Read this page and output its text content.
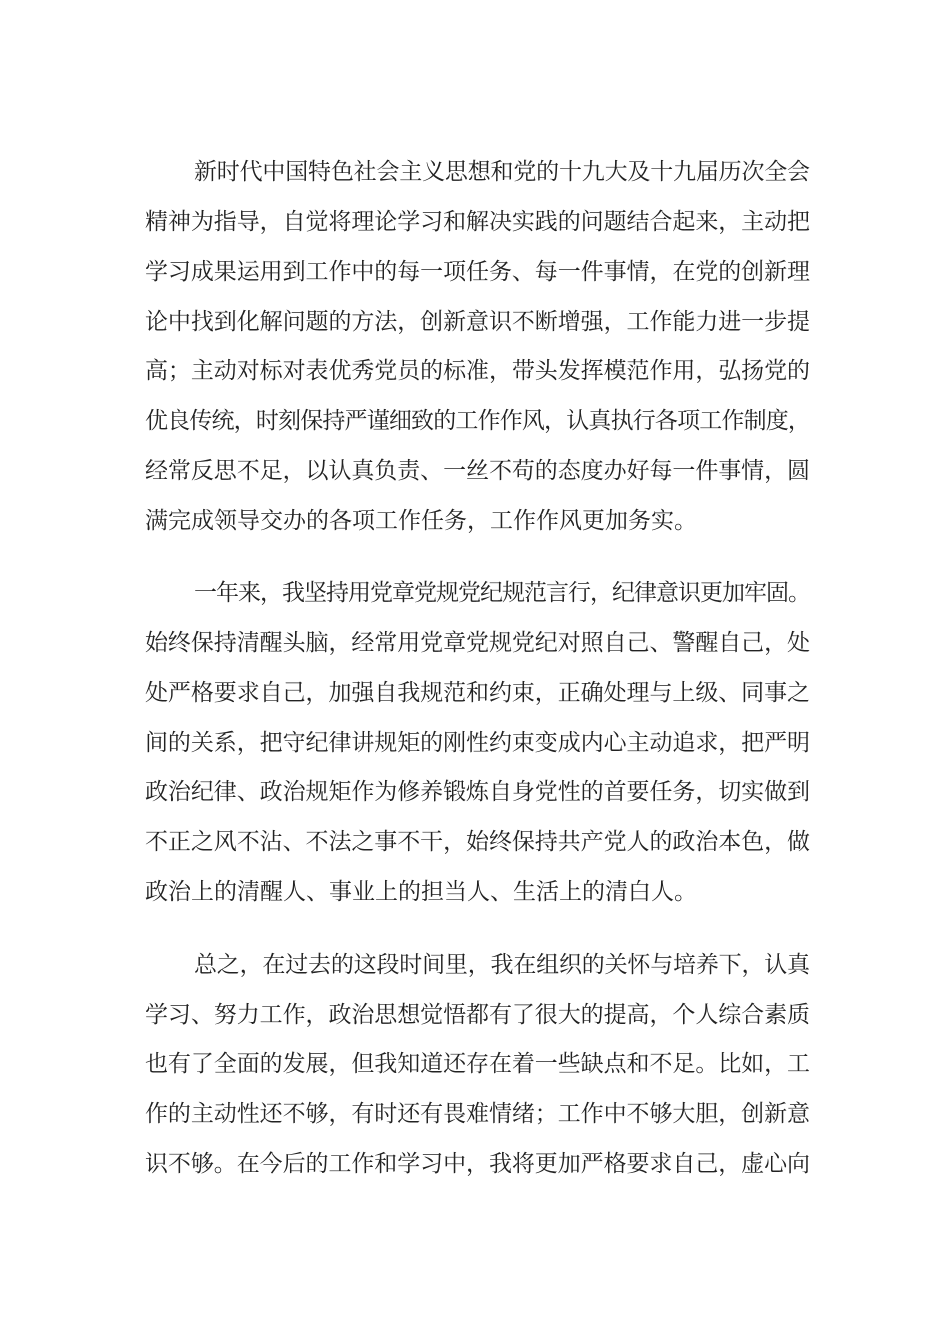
新时代中国特色社会主义思想和党的十九大及十九届历次全会

精神为指导，自觉将理论学习和解决实践的问题结合起来，主动把

学习成果运用到工作中的每一项任务、每一件事情，在党的创新理

论中找到化解问题的方法，创新意识不断增强，工作能力进一步提

高；主动对标对表优秀党员的标准，带头发挥模范作用，弘扬党的

优良传统，时刻保持严谨细致的工作作风，认真执行各项工作制度，

经常反思不足，以认真负责、一丝不苟的态度办好每一件事情，圆

满完成领导交办的各项工作任务，工作作风更加务实。

一年来，我坚持用党章党规党纪规范言行，纪律意识更加牢固。

始终保持清醒头脑，经常用党章党规党纪对照自己、警醒自己，处

处严格要求自己，加强自我规范和约束，正确处理与上级、同事之

间的关系，把守纪律讲规矩的刚性约束变成内心主动追求，把严明

政治纪律、政治规矩作为修养锻炼自身党性的首要任务，切实做到

不正之风不沾、不法之事不干，始终保持共产党人的政治本色，做

政治上的清醒人、事业上的担当人、生活上的清白人。

总之，在过去的这段时间里，我在组织的关怀与培养下，认真

学习、努力工作，政治思想觉悟都有了很大的提高，个人综合素质

也有了全面的发展，但我知道还存在着一些缺点和不足。比如，工

作的主动性还不够，有时还有畏难情绪；工作中不够大胆，创新意

识不够。在今后的工作和学习中，我将更加严格要求自己，虚心向
